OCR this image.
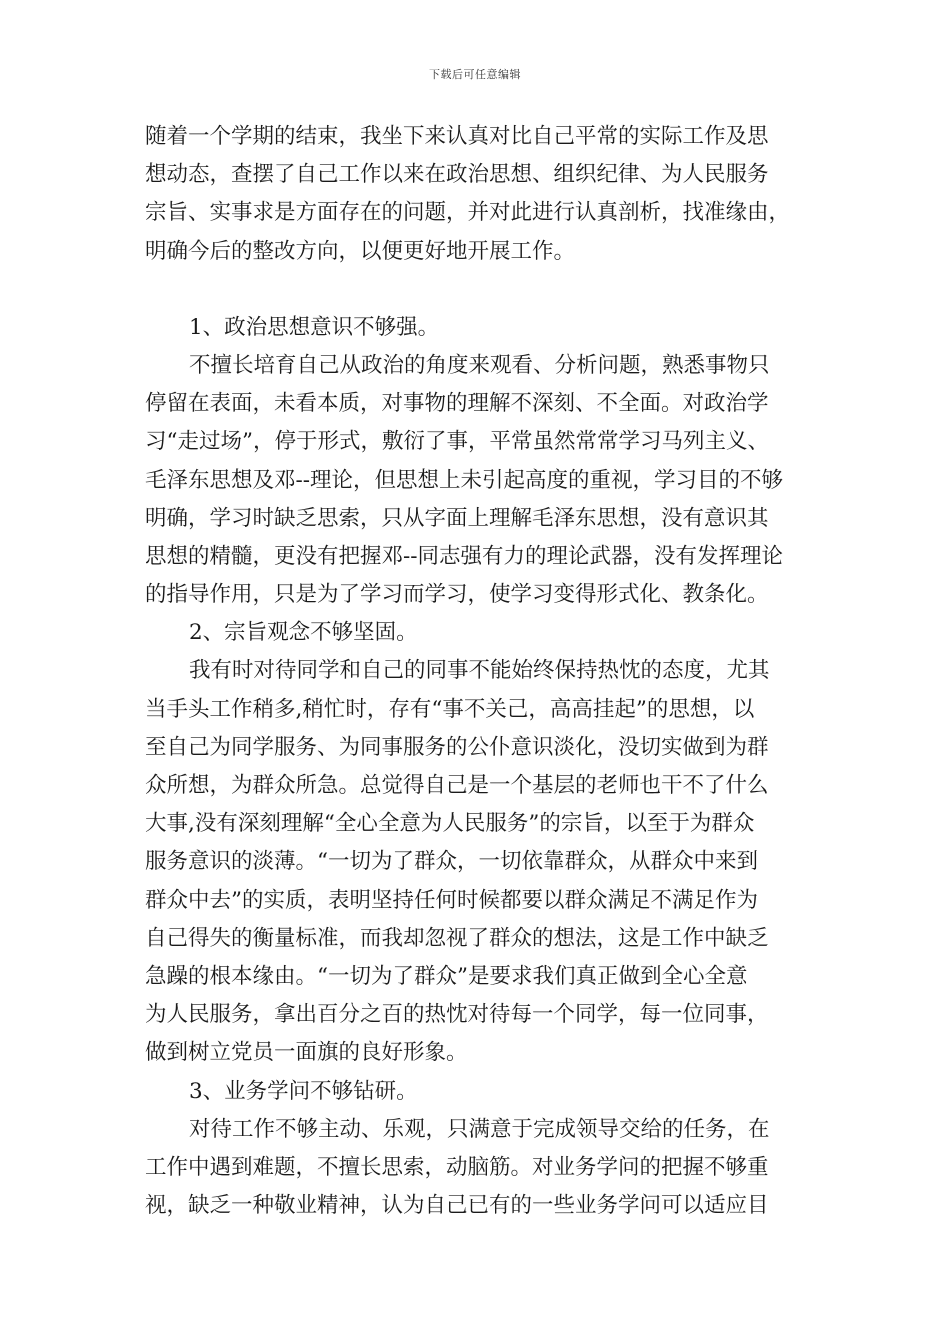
下载后可任意编辑
随着一个学期的结束，我坐下来认真对比自己平常的实际工作及思
想动态，查摆了自己工作以来在政治思想、组织纪律、为人民服务
宗旨、实事求是方面存在的问题，并对此进行认真剖析，找准缘由，
明确今后的整改方向，以便更好地开展工作。
1、政治思想意识不够强。
不擅长培育自己从政治的角度来观看、分析问题，熟悉事物只
停留在表面，未看本质，对事物的理解不深刻、不全面。对政治学
习“走过场”，停于形式，敷衍了事，平常虽然常常学习马列主义、
毛泽东思想及邓--理论，但思想上未引起高度的重视，学习目的不够
明确，学习时缺乏思索，只从字面上理解毛泽东思想，没有意识其
思想的精髓，更没有把握邓--同志强有力的理论武器，没有发挥理论
的指导作用，只是为了学习而学习，使学习变得形式化、教条化。
2、宗旨观念不够坚固。
我有时对待同学和自己的同事不能始终保持热忱的态度，尤其
当手头工作稍多,稍忙时，存有“事不关己，高高挂起”的思想，以
至自己为同学服务、为同事服务的公仆意识淡化，没切实做到为群
众所想，为群众所急。总觉得自己是一个基层的老师也干不了什么
大事,没有深刻理解“全心全意为人民服务”的宗旨，以至于为群众
服务意识的淡薄。“一切为了群众，一切依靠群众，从群众中来到
群众中去”的实质，表明坚持任何时候都要以群众满足不满足作为
自己得失的衡量标准，而我却忽视了群众的想法，这是工作中缺乏
急躁的根本缘由。“一切为了群众”是要求我们真正做到全心全意
为人民服务，拿出百分之百的热忱对待每一个同学，每一位同事，
做到树立党员一面旗的良好形象。
3、业务学问不够钻研。
对待工作不够主动、乐观，只满意于完成领导交给的任务，在
工作中遇到难题，不擅长思索，动脑筋。对业务学问的把握不够重
视，缺乏一种敬业精神，认为自己已有的一些业务学问可以适应目
